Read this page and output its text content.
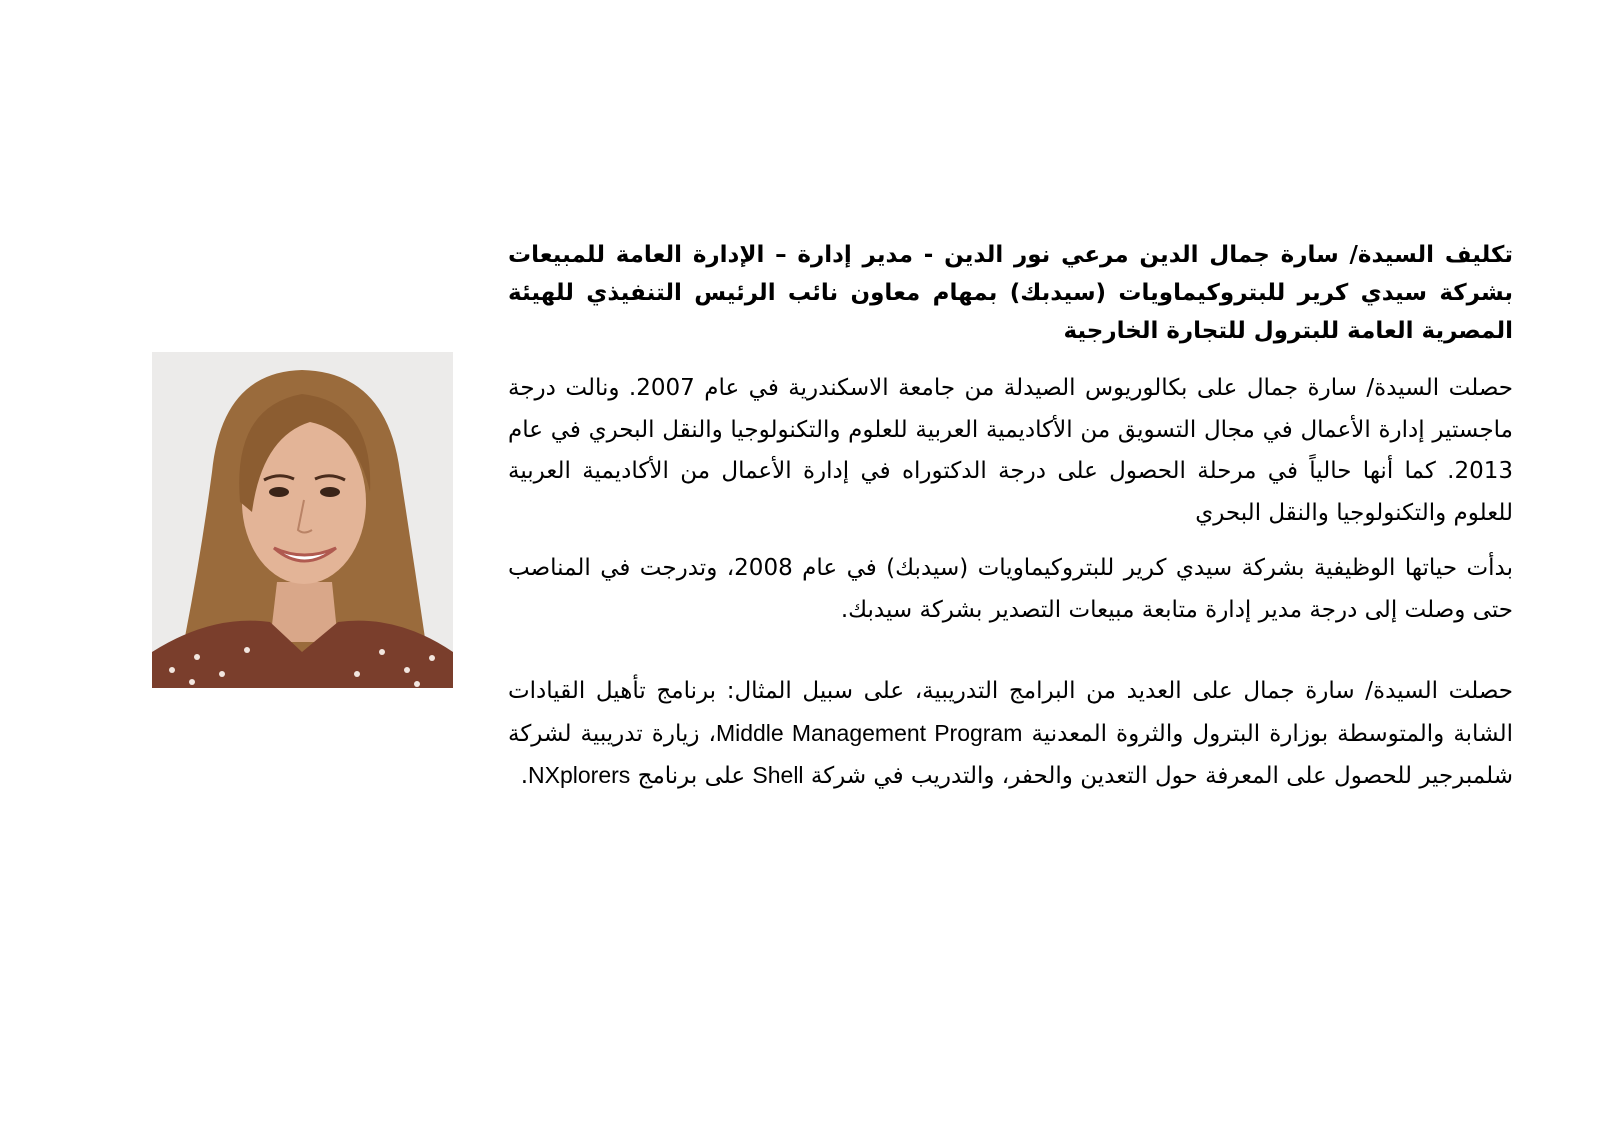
تكليف السيدة/ سارة جمال الدين مرعي نور الدين - مدير إدارة – الإدارة العامة للمبيعات بشركة سيدي كرير للبتروكيماويات (سيدبك) بمهام معاون نائب الرئيس التنفيذي للهيئة المصرية العامة للبترول للتجارة الخارجية

حصلت السيدة/ سارة جمال على بكالوريوس الصيدلة من جامعة الاسكندرية في عام 2007. ونالت درجة ماجستير إدارة الأعمال في مجال التسويق من الأكاديمية العربية للعلوم والتكنولوجيا والنقل البحري في عام 2013. كما أنها حالياً في مرحلة الحصول على درجة الدكتوراه في إدارة الأعمال من الأكاديمية العربية للعلوم والتكنولوجيا والنقل البحري

بدأت حياتها الوظيفية بشركة سيدي كرير للبتروكيماويات (سيدبك) في عام 2008، وتدرجت في المناصب حتى وصلت إلى درجة مدير إدارة متابعة مبيعات التصدير بشركة سيدبك.

حصلت السيدة/ سارة جمال على العديد من البرامج التدريبية، على سبيل المثال: برنامج تأهيل القيادات الشابة والمتوسطة بوزارة البترول والثروة المعدنية Middle Management Program، زيارة تدريبية لشركة شلمبرجير للحصول على المعرفة حول التعدين والحفر، والتدريب في شركة Shell على برنامج NXplorers.
